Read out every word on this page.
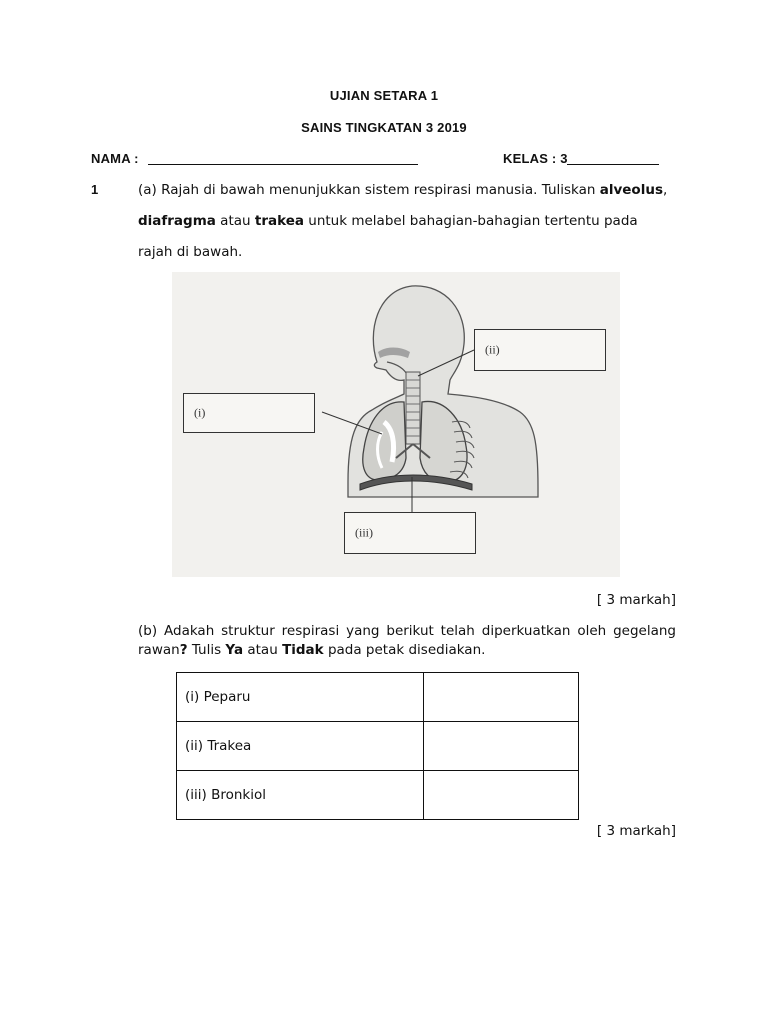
UJIAN SETARA 1
SAINS TINGKATAN 3 2019
NAMA :	KELAS : 3
1	(a) Rajah di bawah menunjukkan sistem respirasi manusia. Tuliskan alveolus,
diafragma atau trakea untuk melabel bahagian-bahagian tertentu pada
rajah di bawah.
(i)
(ii)
(iii)
[ 3 markah]
(b) Adakah struktur respirasi yang berikut telah diperkuatkan oleh gegelang rawan? Tulis Ya atau Tidak pada petak disediakan.
(i) Peparu	
(ii) Trakea	
(iii) Bronkiol	
[ 3 markah]
